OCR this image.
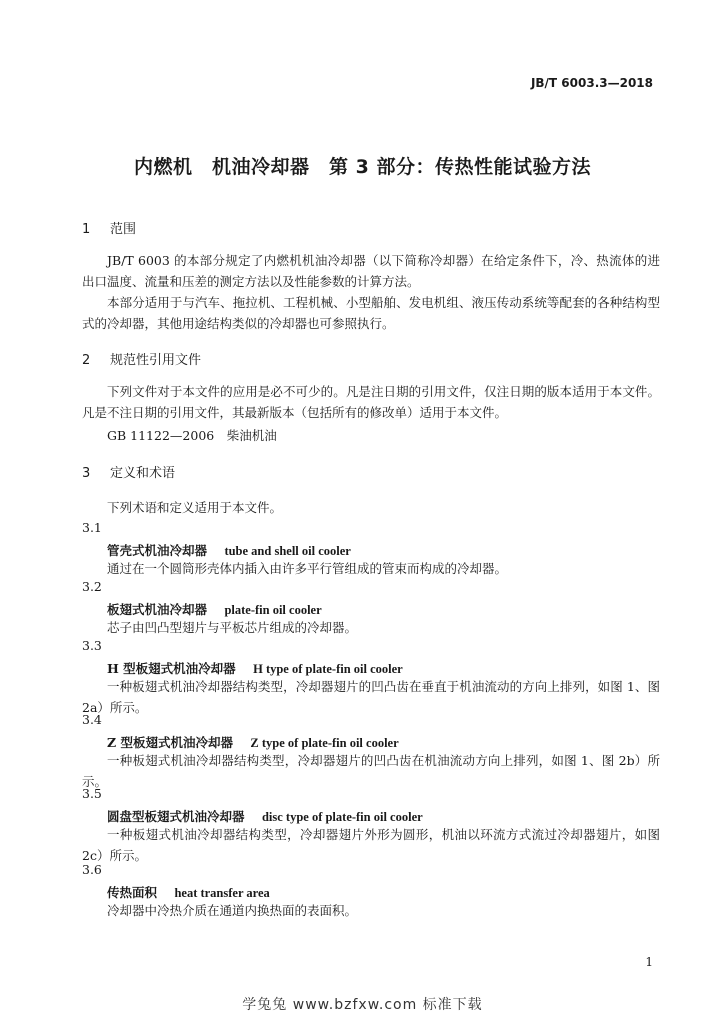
JB/T 6003.3—2018
内燃机　机油冷却器　第 3 部分：传热性能试验方法
1 范围
JB/T 6003 的本部分规定了内燃机机油冷却器（以下简称冷却器）在给定条件下，冷、热流体的进出口温度、流量和压差的测定方法以及性能参数的计算方法。
本部分适用于与汽车、拖拉机、工程机械、小型船舶、发电机组、液压传动系统等配套的各种结构型式的冷却器，其他用途结构类似的冷却器也可参照执行。
2 规范性引用文件
下列文件对于本文件的应用是必不可少的。凡是注日期的引用文件，仅注日期的版本适用于本文件。凡是不注日期的引用文件，其最新版本（包括所有的修改单）适用于本文件。
GB 11122—2006　柴油机油
3 定义和术语
下列术语和定义适用于本文件。
3.1
管壳式机油冷却器 tube and shell oil cooler
通过在一个圆筒形壳体内插入由许多平行管组成的管束而构成的冷却器。
3.2
板翅式机油冷却器 plate-fin oil cooler
芯子由凹凸型翅片与平板芯片组成的冷却器。
3.3
H 型板翅式机油冷却器 H type of plate-fin oil cooler
一种板翅式机油冷却器结构类型，冷却器翅片的凹凸齿在垂直于机油流动的方向上排列，如图 1、图 2a）所示。
3.4
Z 型板翅式机油冷却器 Z type of plate-fin oil cooler
一种板翅式机油冷却器结构类型，冷却器翅片的凹凸齿在机油流动方向上排列，如图 1、图 2b）所示。
3.5
圆盘型板翅式机油冷却器 disc type of plate-fin oil cooler
一种板翅式机油冷却器结构类型，冷却器翅片外形为圆形，机油以环流方式流过冷却器翅片，如图 2c）所示。
3.6
传热面积 heat transfer area
冷却器中冷热介质在通道内换热面的表面积。
1
学兔兔 www.bzfxw.com 标准下载
